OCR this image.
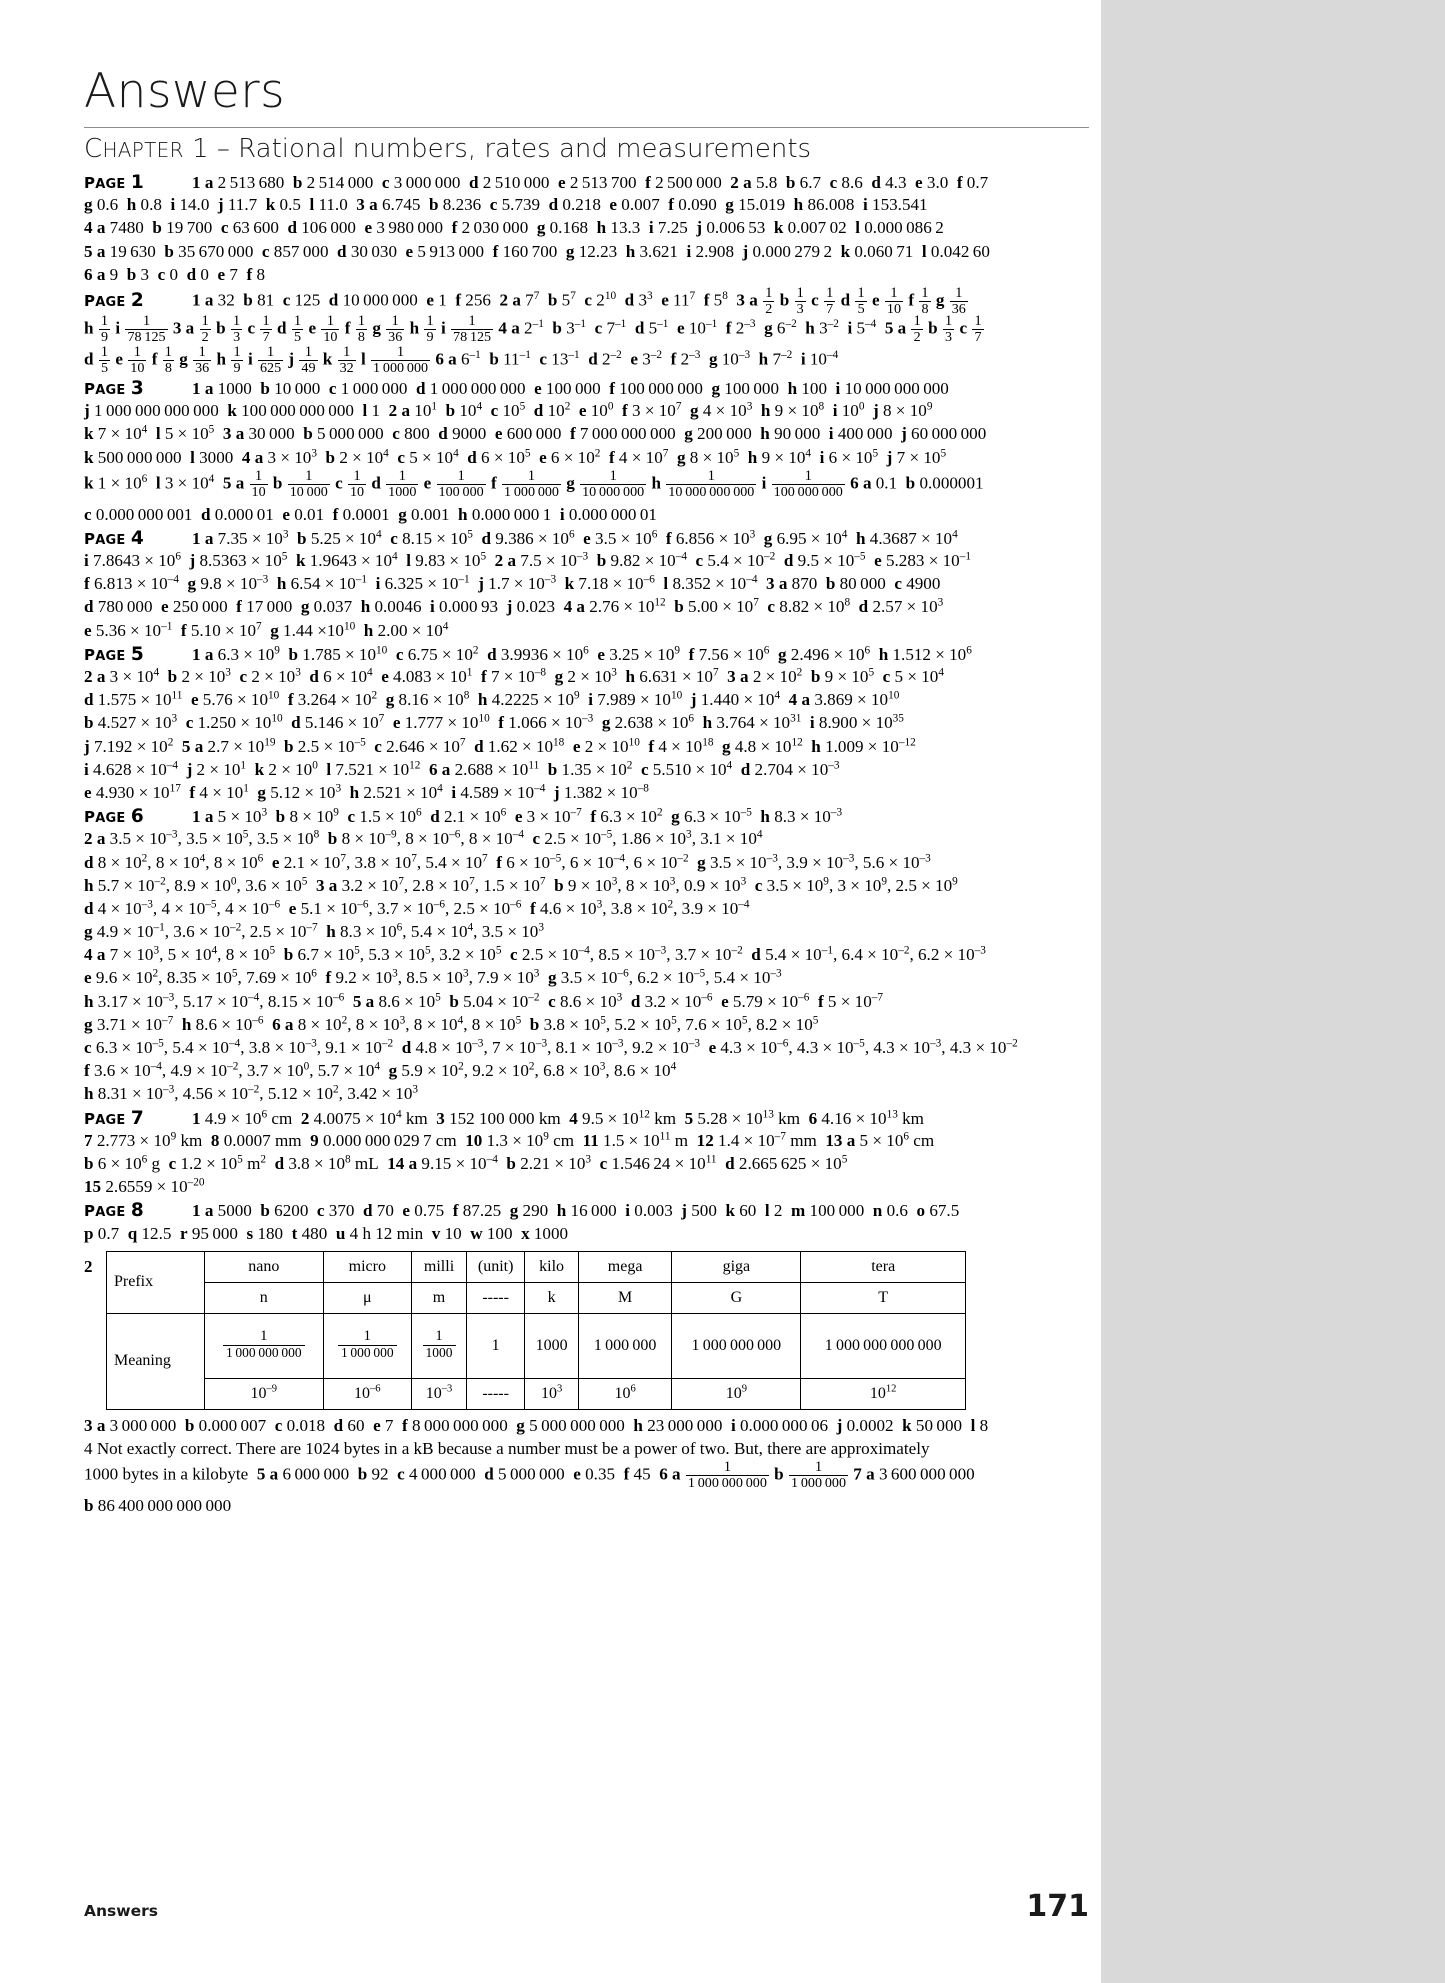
Answers
CHAPTER 1 – Rational numbers, rates and measurements
PAGE 1	1 a 2 513 680  b 2 514 000  c 3 000 000  d 2 510 000  e 2 513 700  f 2 500 000  2 a 5.8  b 6.7  c 8.6  d 4.3  e 3.0  f 0.7
g 0.6  h 0.8  i 14.0  j 11.7  k 0.5  l 11.0  3 a 6.745  b 8.236  c 5.739  d 0.218  e 0.007  f 0.090  g 15.019  h 86.008  i 153.541
4 a 7480  b 19 700  c 63 600  d 106 000  e 3 980 000  f 2 030 000  g 0.168  h 13.3  i 7.25  j 0.006 53  k 0.007 02  l 0.000 086 2
5 a 19 630  b 35 670 000  c 857 000  d 30 030  e 5 913 000  f 160 700  g 12.23  h 3.621  i 2.908  j 0.000 279 2  k 0.060 71  l 0.042 60
6 a 9  b 3  c 0  d 0  e 7  f 8
PAGE 2	1 a 32  b 81  c 125  d 10 000 000  e 1  f 256  2 a $7^7$ b $5^7$ c $2^{10}$ d $3^3$ e $11^7$ f $5^8$ 3 a $\frac{1}{2}$ b $\frac{1}{3}$ c $\frac{1}{7}$ d $\frac{1}{5}$ e $\frac{1}{10}$ f $\frac{1}{8}$ g $\frac{1}{36}$
h $\frac{1}{9}$ i $\frac{1}{78 125} 3$ a $\frac{1}{2}$ b $\frac{1}{3}$ c $\frac{1}{7}$ d $\frac{1}{5}$ e $\frac{1}{10}$ f $\frac{1}{8}$ g $\frac{1}{36}$ h $\frac{1}{9}$ i $\frac{1}{78 125} 4$ a $2^{-1}$ b $3^{-1}$ c $7^{-1}$ d $5^{-1}$ e $10^{-1}$ f $2^{-3}$ g $6^{-2}$ h $3^{-2}$ i $5^{-4}$ 5 a $\frac{1}{2}$ b $\frac{1}{3}$ c $\frac{1}{7}$
d $\frac{1}{5}$ e $\frac{1}{10}$ f $\frac{1}{8}$ g $\frac{1}{36}$ h $\frac{1}{9}$ i $\frac{1}{625}$ j $\frac{1}{49}$ k $\frac{1}{32}$ l $\frac{1}{1 000 000} 6$ a $6^{-1}$ b $11^{-1}$ c $13^{-1}$ d $2^{-2}$ e $3^{-2}$ f $2^{-3}$ g $10^{-3}$ h $7^{-2}$ i $10^{-4}$
PAGE 3	1 a 1000  b 10 000  c 1 000 000  d 1 000 000 000  e 100 000  f 100 000 000  g 100 000  h 100  i 10 000 000 000
j 1 000 000 000 000  k 100 000 000 000  l 1  2 a $10^1$ b $10^4$ c $10^5$ d $10^2$ e $10^0$ f $3 \times 10^7$ g $4 \times 10^3$ h $9 \times 10^8$ i $10^0$ j $8 \times 10^9$
k $7 \times 10^4$ l $5 \times 10^5$ 3 a 30 000  b 5 000 000  c 800  d 9000  e 600 000  f 7 000 000 000  g 200 000  h 90 000  i 400 000  j 60 000 000
k 500 000 000  l 3000  4 a $3 \times 10^3$ b $2 \times 10^4$ c $5 \times 10^4$ d $6 \times 10^5$ e $6 \times 10^2$ f $4 \times 10^7$ g $8 \times 10^5$ h $9 \times 10^4$ i $6 \times 10^5$ j $7 \times 10^5$
k $1 \times 10^6$ l $3 \times 10^4$ 5 a $\frac{1}{10}$ b $\frac{1}{10 000}$ c $\frac{1}{10}$ d $\frac{1}{1000}$ e $\frac{1}{100 000}$ f $\frac{1}{1 000 000}$ g $\frac{1}{10 000 000}$ h $\frac{1}{10 000 000 000}$ i $\frac{1}{100 000 000} 6$ a 0.1  b 0.000001
c 0.000 000 001  d 0.000 01  e 0.01  f 0.0001  g 0.001  h 0.000 000 1  i 0.000 000 01
PAGE 4	1 a $7.35 \times 10^3$ b $5.25 \times 10^4$ c $8.15 \times 10^5$ d $9.386 \times 10^6$ e $3.5 \times 10^6$ f $6.856 \times 10^3$ g $6.95 \times 10^4$ h $4.3687 \times 10^4$
i $7.8643 \times 10^6$ j $8.5363 \times 10^5$ k $1.9643 \times 10^4$ l $9.83 \times 10^5$ 2 a $7.5 \times 10^{-3}$ b $9.82 \times 10^{-4}$ c $5.4 \times 10^{-2}$ d $9.5 \times 10^{-5}$ e $5.283 \times 10^{-1}$
f $6.813 \times 10^{-4}$ g $9.8 \times 10^{-3}$ h $6.54 \times 10^{-1}$ i $6.325 \times 10^{-1}$ j $1.7 \times 10^{-3}$ k $7.18 \times 10^{-6}$ l $8.352 \times 10^{-4}$ 3 a 870  b 80 000  c 4900
d 780 000  e 250 000  f 17 000  g 0.037  h 0.0046  i 0.000 93  j 0.023  4 a $2.76 \times 10^{12}$ b $5.00 \times 10^7$ c $8.82 \times 10^8$ d $2.57 \times 10^3$
e $5.36 \times 10^{-1}$ f $5.10 \times 10^7$ g $1.44 \times 10^{10}$ h $2.00 \times 10^4$
PAGE 5	1 a $6.3 \times 10^9$ b $1.785 \times 10^{10}$ c $6.75 \times 10^2$ d $3.9936 \times 10^6$ e $3.25 \times 10^9$ f $7.56 \times 10^6$ g $2.496 \times 10^6$ h $1.512 \times 10^6$
2 a $3 \times 10^4$ b $2 \times 10^3$ c $2 \times 10^3$ d $6 \times 10^4$ e $4.083 \times 10^1$ f $7 \times 10^{-8}$ g $2 \times 10^3$ h $6.631 \times 10^7$ 3 a $2 \times 10^2$ b $9 \times 10^5$ c $5 \times 10^4$
d $1.575 \times 10^{11}$ e $5.76 \times 10^{10}$ f $3.264 \times 10^2$ g $8.16 \times 10^8$ h $4.2225 \times 10^9$ i $7.989 \times 10^{10}$ j $1.440 \times 10^4$ 4 a $3.869 \times 10^{10}$
b $4.527 \times 10^3$ c $1.250 \times 10^{10}$ d $5.146 \times 10^7$ e $1.777 \times 10^{10}$ f $1.066 \times 10^{-3}$ g $2.638 \times 10^6$ h $3.764 \times 10^{31}$ i $8.900 \times 10^{35}$
j $7.192 \times 10^2$ 5 a $2.7 \times 10^{19}$ b $2.5 \times 10^{-5}$ c $2.646 \times 10^7$ d $1.62 \times 10^{18}$ e $2 \times 10^{10}$ f $4 \times 10^{18}$ g $4.8 \times 10^{12}$ h $1.009 \times 10^{-12}$
i $4.628 \times 10^{-4}$ j $2 \times 10^1$ k $2 \times 10^0$ l $7.521 \times 10^{12}$ 6 a $2.688 \times 10^{11}$ b $1.35 \times 10^2$ c $5.510 \times 10^4$ d $2.704 \times 10^{-3}$
e $4.930 \times 10^{17}$ f $4 \times 10^1$ g $5.12 \times 10^3$ h $2.521 \times 10^4$ i $4.589 \times 10^{-4}$ j $1.382 \times 10^{-8}$
PAGE 6	1 a $5 \times 10^3$ b $8 \times 10^9$ c $1.5 \times 10^6$ d $2.1 \times 10^6$ e $3 \times 10^{-7}$ f $6.3 \times 10^2$ g $6.3 \times 10^{-5}$ h $8.3 \times 10^{-3}$
2 a $3.5 \times 10^{-3}$, $3.5 \times 10^5$, $3.5 \times 10^8$ b $8 \times 10^{-9}$, $8 \times 10^{-6}$, $8 \times 10^{-4}$ c $2.5 \times 10^{-5}$, $1.86 \times 10^3$, $3.1 \times 10^4$
d $8 \times 10^2$, $8 \times 10^4$, $8 \times 10^6$ e $2.1 \times 10^7$, $3.8 \times 10^7$, $5.4 \times 10^7$ f $6 \times 10^{-5}$, $6 \times 10^{-4}$, $6 \times 10^{-2}$ g $3.5 \times 10^{-3}$, $3.9 \times 10^{-3}$, $5.6 \times 10^{-3}$
h $5.7 \times 10^{-2}$, $8.9 \times 10^0$, $3.6 \times 10^5$ 3 a $3.2 \times 10^7$, $2.8 \times 10^7$, $1.5 \times 10^7$ b $9 \times 10^3$, $8 \times 10^3$, $0.9 \times 10^3$ c $3.5 \times 10^9$, $3 \times 10^9$, $2.5 \times 10^9$
d $4 \times 10^{-3}$, $4 \times 10^{-5}$, $4 \times 10^{-6}$ e $5.1 \times 10^{-6}$, $3.7 \times 10^{-6}$, $2.5 \times 10^{-6}$ f $4.6 \times 10^3$, $3.8 \times 10^2$, $3.9 \times 10^{-4}$
g $4.9 \times 10^{-1}$, $3.6 \times 10^{-2}$, $2.5 \times 10^{-7}$ h $8.3 \times 10^6$, $5.4 \times 10^4$, $3.5 \times 10^3$
4 a $7 \times 10^3$, $5 \times 10^4$, $8 \times 10^5$ b $6.7 \times 10^5$, $5.3 \times 10^5$, $3.2 \times 10^5$ c $2.5 \times 10^{-4}$, $8.5 \times 10^{-3}$, $3.7 \times 10^{-2}$ d $5.4 \times 10^{-1}$, $6.4 \times 10^{-2}$, $6.2 \times 10^{-3}$
e $9.6 \times 10^2$, $8.35 \times 10^5$, $7.69 \times 10^6$ f $9.2 \times 10^3$, $8.5 \times 10^3$, $7.9 \times 10^3$ g $3.5 \times 10^{-6}$, $6.2 \times 10^{-5}$, $5.4 \times 10^{-3}$
h $3.17 \times 10^{-3}$, $5.17 \times 10^{-4}$, $8.15 \times 10^{-6}$ 5 a $8.6 \times 10^5$ b $5.04 \times 10^{-2}$ c $8.6 \times 10^3$ d $3.2 \times 10^{-6}$ e $5.79 \times 10^{-6}$ f $5 \times 10^{-7}$
g $3.71 \times 10^{-7}$ h $8.6 \times 10^{-6}$ 6 a $8 \times 10^2$, $8 \times 10^3$, $8 \times 10^4$, $8 \times 10^5$ b $3.8 \times 10^5$, $5.2 \times 10^5$, $7.6 \times 10^5$, $8.2 \times 10^5$
c $6.3 \times 10^{-5}$, $5.4 \times 10^{-4}$, $3.8 \times 10^{-3}$, $9.1 \times 10^{-2}$ d $4.8 \times 10^{-3}$, $7 \times 10^{-3}$, $8.1 \times 10^{-3}$, $9.2 \times 10^{-3}$ e $4.3 \times 10^{-6}$, $4.3 \times 10^{-5}$, $4.3 \times 10^{-3}$, $4.3 \times 10^{-2}$
f $3.6 \times 10^{-4}$, $4.9 \times 10^{-2}$, $3.7 \times 10^0$, $5.7 \times 10^4$ g $5.9 \times 10^2$, $9.2 \times 10^2$, $6.8 \times 10^3$, $8.6 \times 10^4$
h $8.31 \times 10^{-3}$, $4.56 \times 10^{-2}$, $5.12 \times 10^2$, $3.42 \times 10^3$
PAGE 7	1 $4.9 \times 10^6$ cm  2 $4.0075 \times 10^4$ km  3 152 100 000 km  4 $9.5 \times 10^{12}$ km  5 $5.28 \times 10^{13}$ km  6 $4.16 \times 10^{13}$ km
7 $2.773 \times 10^9$ km  8 0.0007 mm  9 0.000 000 029 7 cm  10 $1.3 \times 10^9$ cm  11 $1.5 \times 10^{11}$ m  12 $1.4 \times 10^{-7}$ mm  13 a $5 \times 10^6$ cm
b $6 \times 10^6$ g  c $1.2 \times 10^5$ $m^2$ d $3.8 \times 10^8$ mL  14 a $9.15 \times 10^{-4}$ b $2.21 \times 10^3$ c 1.546 $24 \times 10^{11}$ d 2.665 $625 \times 10^5$
15 $2.6559 \times 10^{-20}$
PAGE 8	1 a 5000  b 6200  c 370  d 70  e 0.75  f 87.25  g 290  h 16 000  i 0.003  j 500  k 60  l 2  m 100 000  n 0.6  o 67.5
p 0.7  q 12.5  r 95 000  s 180  t 480  u 4 h 12 min  v 10  w 100  x 1000
2
Prefix	nano	micro	milli	(unit)	kilo	mega	giga	tera
	n	μ	m	-----	k	M	G	T
Meaning	$\frac{1}{1 000 000 000}$	$\frac{1}{1 000 000}$	$\frac{1}{1000}$	1	1000	1 000 000	1 000 000 000	1 000 000 000 000
	$10^{-9}$	$10^{-6}$	$10^{-3}$	-----	$10^3$	$10^6$	$10^9$	$10^{12}$
3 a 3 000 000  b 0.000 007  c 0.018  d 60  e 7  f 8 000 000 000  g 5 000 000 000  h 23 000 000  i 0.000 000 06  j 0.0002  k 50 000  l 8
4 Not exactly correct. There are 1024 bytes in a kB because a number must be a power of two. But, there are approximately
1000 bytes in a kilobyte  5 a 6 000 000  b 92  c 4 000 000  d 5 000 000  e 0.35  f 45  6 a $\frac{1}{1 000 000 000}$ b $\frac{1}{1 000 000} 7$ a 3 600 000 000
b 86 400 000 000 000
Answers	171
